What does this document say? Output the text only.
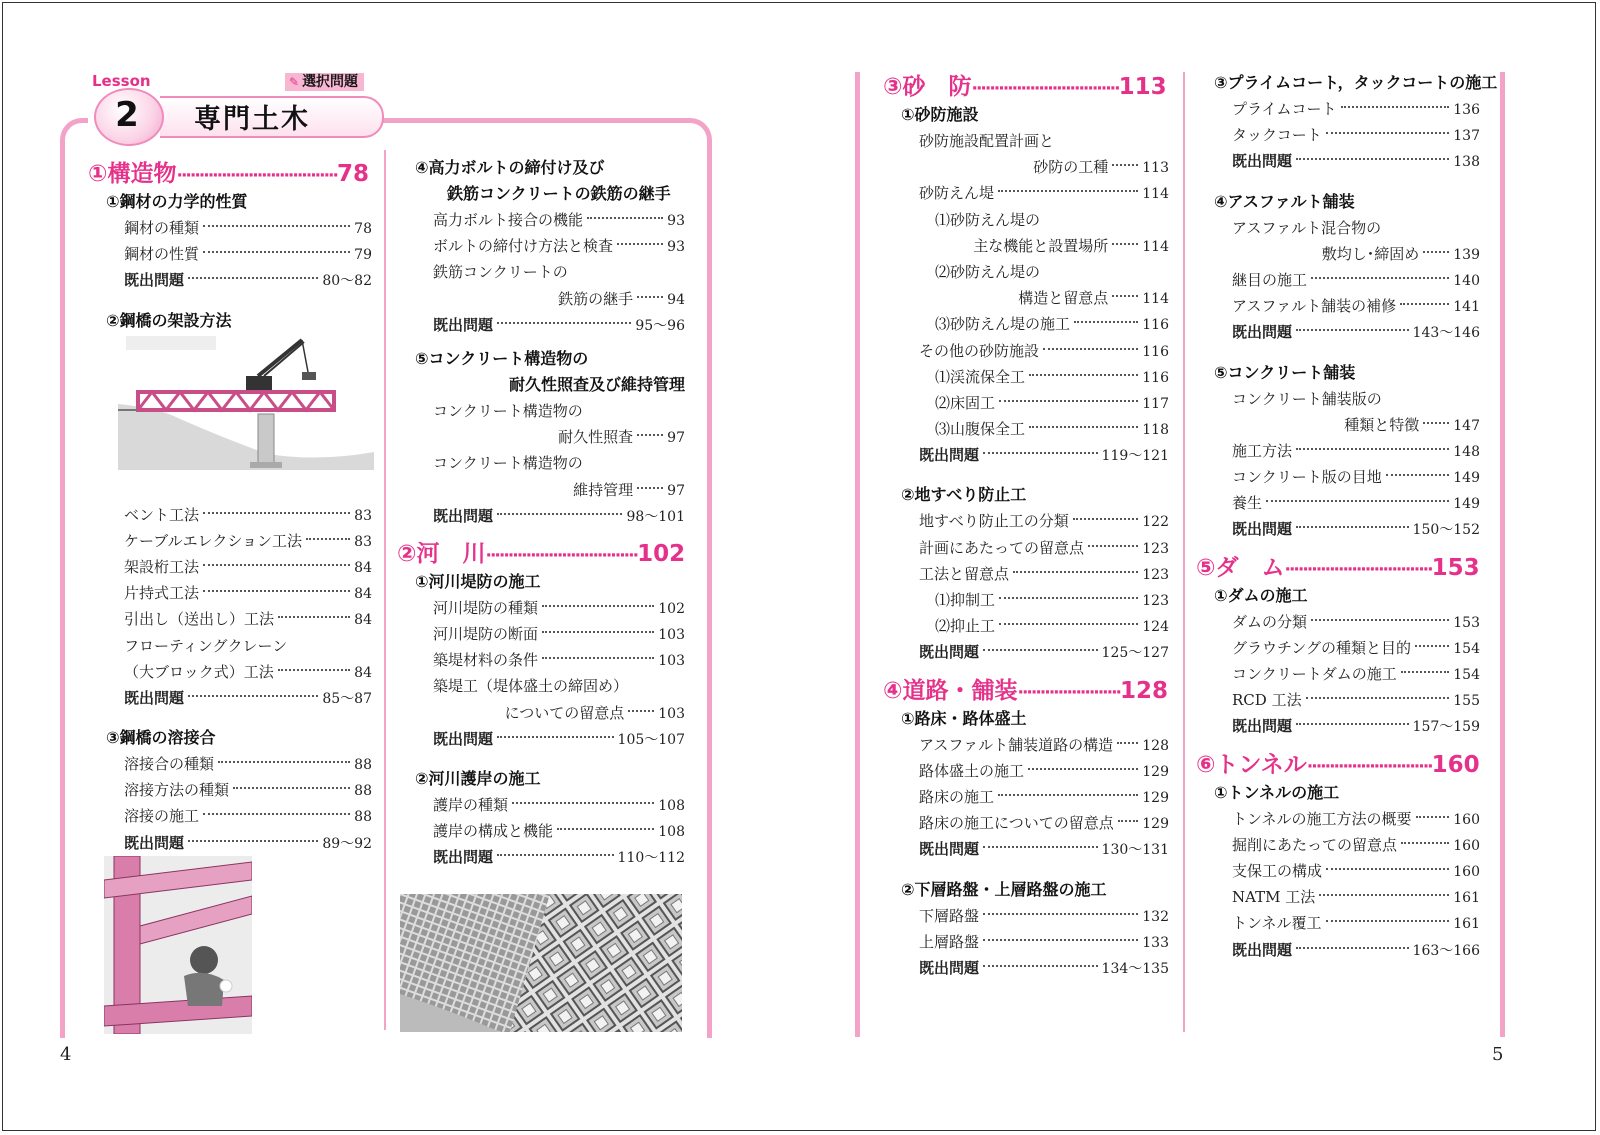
2
Lesson
専門土木
✎ 選択問題
①構造物····································78
①鋼材の力学的性質
鋼材の種類	78
鋼材の性質	79
既出問題	80〜82
②鋼橋の架設方法
ベント工法	83
ケーブルエレクション工法	83
架設桁工法	84
片持式工法	84
引出し（送出し）工法	84
フローティングクレーン
（大ブロック式）工法	84
既出問題	85〜87
③鋼橋の溶接合
溶接合の種類	88
溶接方法の種類	88
溶接の施工	88
既出問題	89〜92
④高力ボルトの締付け及び
鉄筋コンクリートの鉄筋の継手
高力ボルト接合の機能	93
ボルトの締付け方法と検査	93
鉄筋コンクリートの
鉄筋の継手 94
既出問題	95〜96
⑤コンクリート構造物の
耐久性照査及び維持管理
コンクリート構造物の
耐久性照査 97
コンクリート構造物の
維持管理 97
既出問題	98〜101
②河　川··································102
①河川堤防の施工
河川堤防の種類	102
河川堤防の断面	103
築堤材料の条件	103
築堤工（堤体盛土の締固め）
についての留意点 103
既出問題	105〜107
②河川護岸の施工
護岸の種類	108
護岸の構成と機能	108
既出問題	110〜112
③砂　防·································113
①砂防施設
砂防施設配置計画と
砂防の工種 113
砂防えん堤	114
⑴砂防えん堤の
主な機能と設置場所 114
⑵砂防えん堤の
構造と留意点 114
⑶砂防えん堤の施工	116
その他の砂防施設	116
⑴渓流保全工	116
⑵床固工	117
⑶山腹保全工	118
既出問題	119〜121
②地すべり防止工
地すべり防止工の分類	122
計画にあたっての留意点	123
工法と留意点	123
⑴抑制工	123
⑵抑止工	124
既出問題	125〜127
④道路・舗装·······················128
①路床・路体盛土
アスファルト舗装道路の構造 128
路体盛土の施工	129
路床の施工	129
路床の施工についての留意点 129
既出問題	130〜131
②下層路盤・上層路盤の施工
下層路盤	132
上層路盤	133
既出問題	134〜135
③プライムコート，タックコートの施工
プライムコート	136
タックコート	137
既出問題	138
④アスファルト舗装
アスファルト混合物の
敷均し･締固め 139
継目の施工	140
アスファルト舗装の補修	141
既出問題	143〜146
⑤コンクリート舗装
コンクリート舗装版の
種類と特徴 147
施工方法	148
コンクリート版の目地	149
養生	149
既出問題	150〜152
⑤ダ　ム·································153
①ダムの施工
ダムの分類	153
グラウチングの種類と目的	154
コンクリートダムの施工	154
RCD 工法	155
既出問題	157〜159
⑥トンネル····························160
①トンネルの施工
トンネルの施工方法の概要	160
掘削にあたっての留意点	160
支保工の構成	160
NATM 工法	161
トンネル覆工	161
既出問題	163〜166
4	5
